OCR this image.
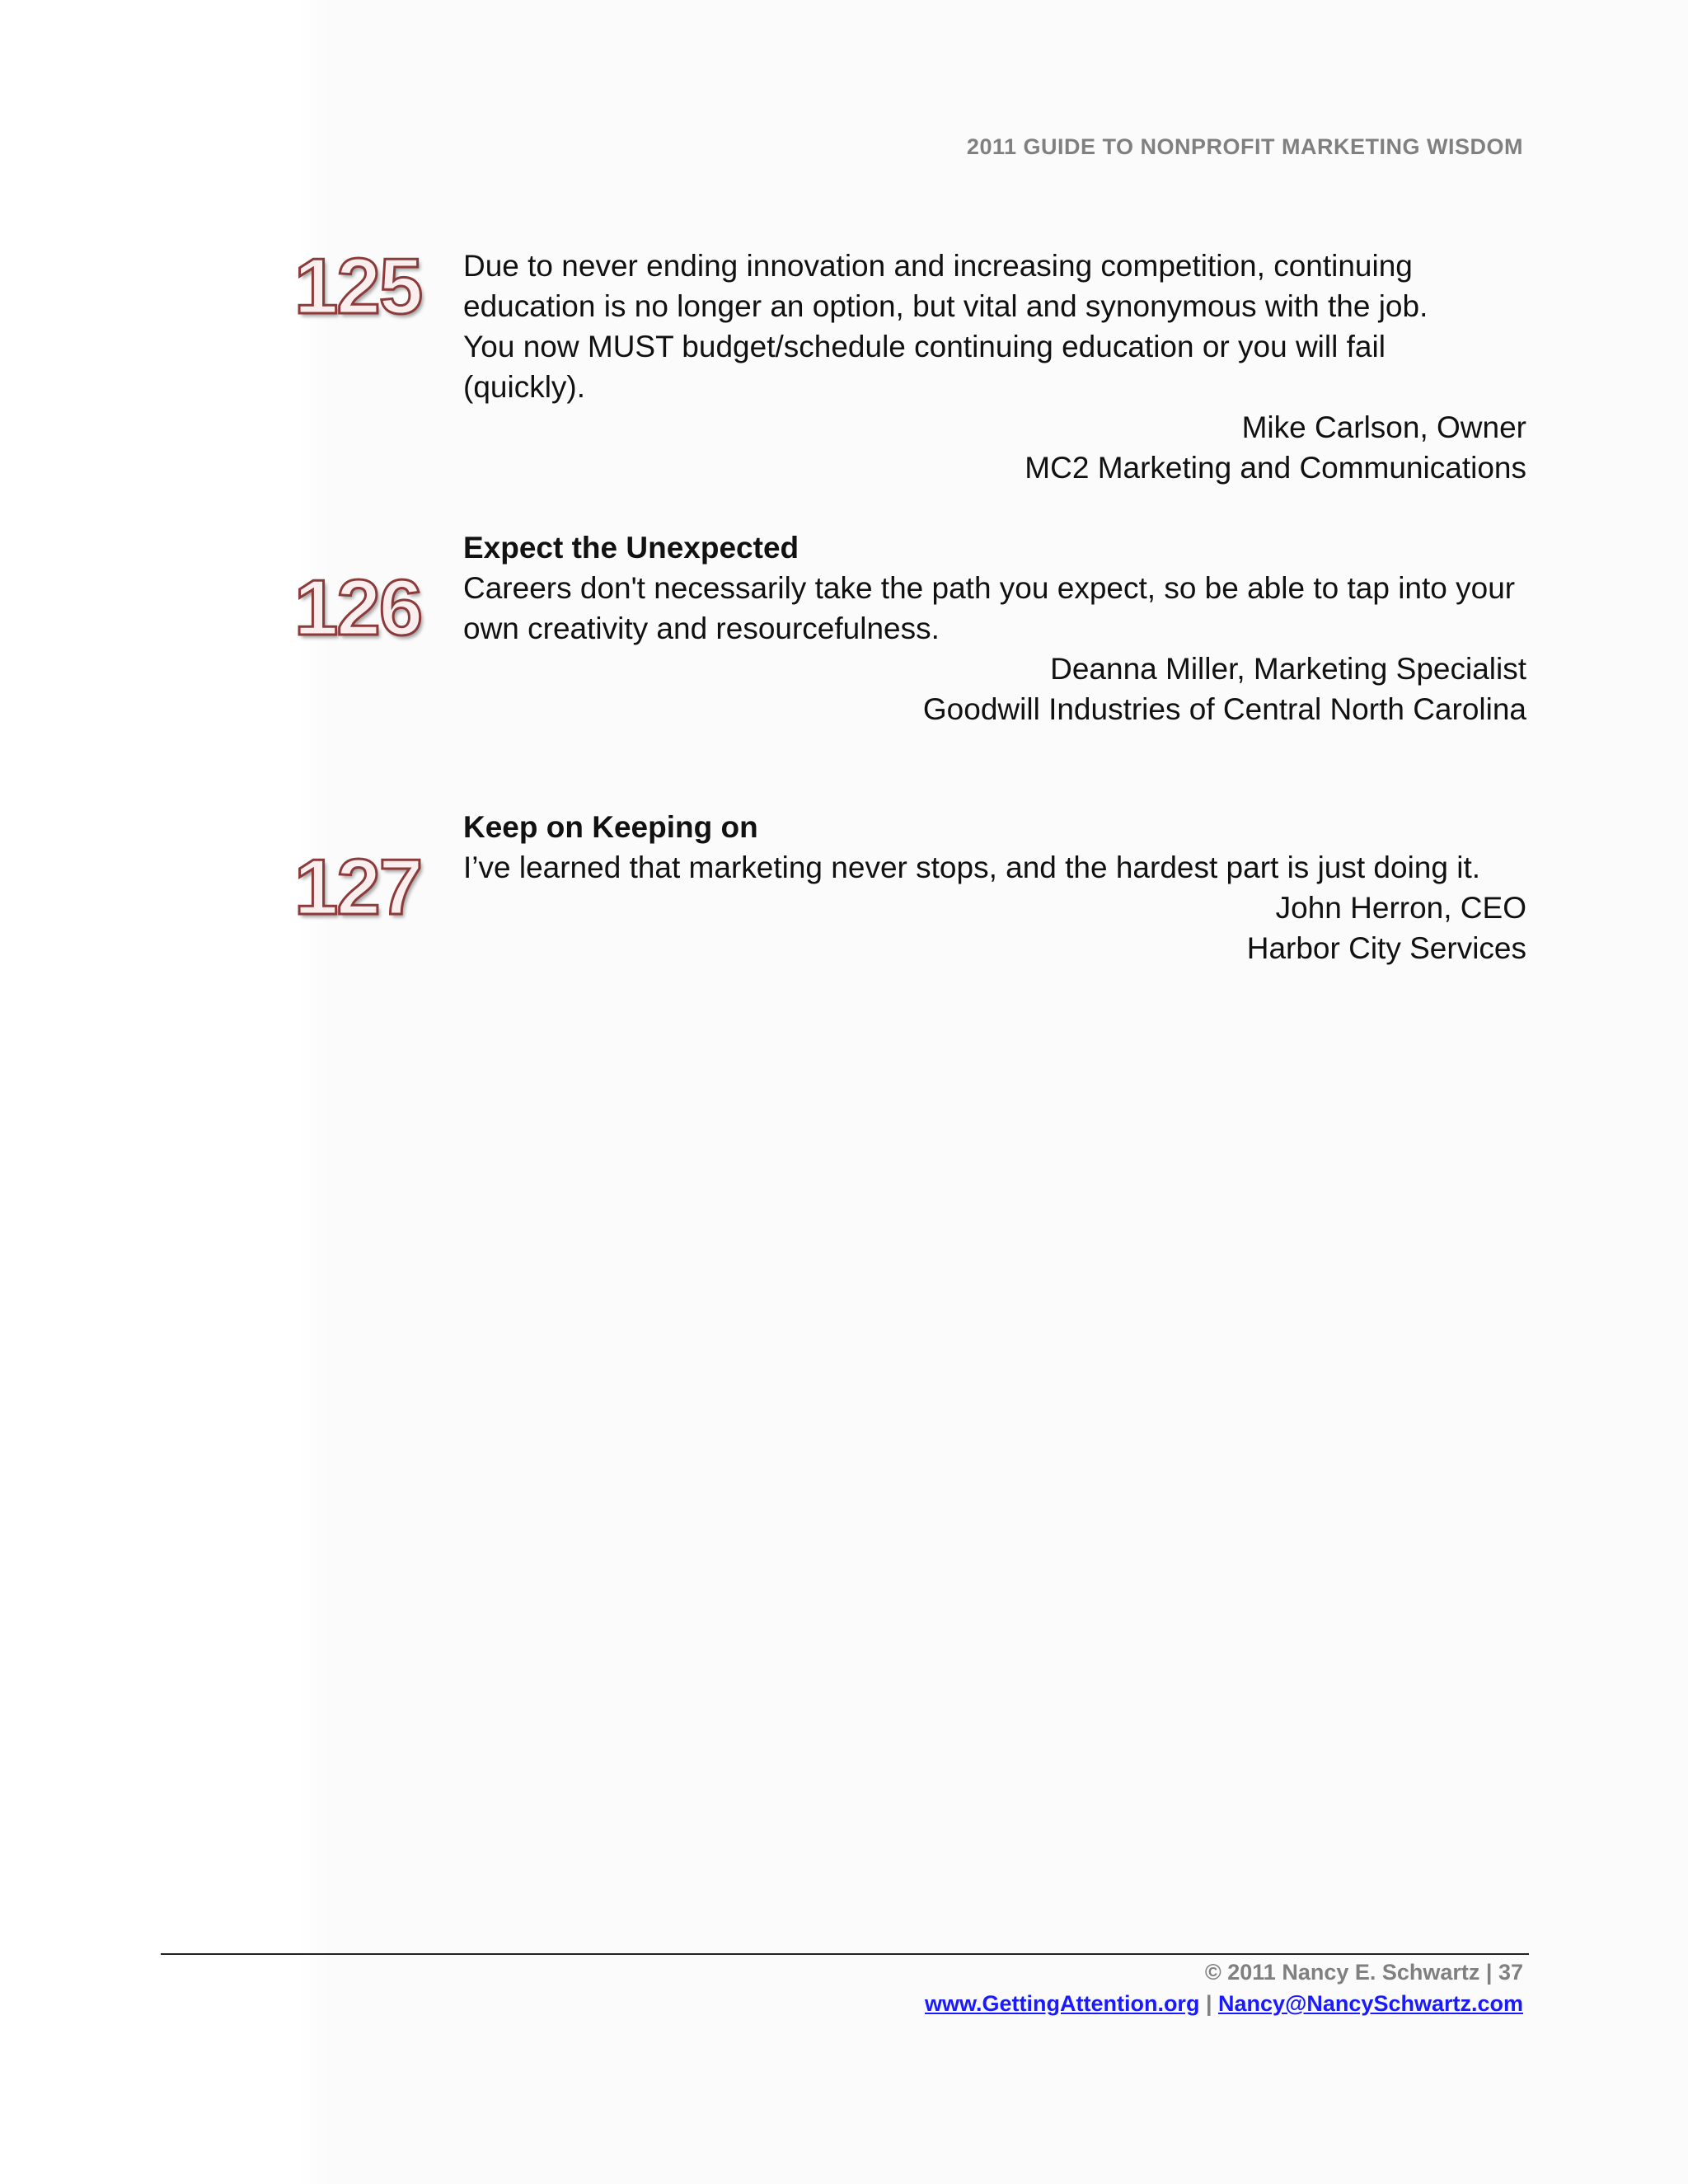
2011 GUIDE TO NONPROFIT MARKETING WISDOM
125 Due to never ending innovation and increasing competition, continuing education is no longer an option, but vital and synonymous with the job. You now MUST budget/schedule continuing education or you will fail (quickly).

Mike Carlson, Owner

MC2 Marketing and Communications

126

Expect the Unexpected

Careers don't necessarily take the path you expect, so be able to tap into your own creativity and resourcefulness.

Deanna Miller, Marketing Specialist

Goodwill Industries of Central North Carolina

127

Keep on Keeping on

I’ve learned that marketing never stops, and the hardest part is just doing it.

John Herron, CEO

Harbor City Services

© 2011 Nancy E. Schwartz | 37
www.GettingAttention.org | Nancy@NancySchwartz.com
